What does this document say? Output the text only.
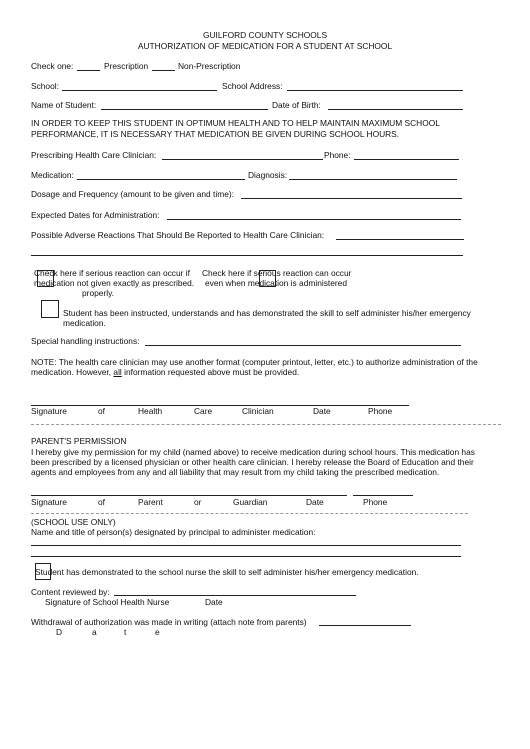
GUILFORD COUNTY SCHOOLS
AUTHORIZATION OF MEDICATION FOR A STUDENT AT SCHOOL
Check one:	Prescription	Non-Prescription
School:	School Address:
Name of Student:	Date of Birth:
IN ORDER TO KEEP THIS STUDENT IN OPTIMUM HEALTH AND TO HELP MAINTAIN MAXIMUM SCHOOL PERFORMANCE, IT IS NECESSARY THAT MEDICATION BE GIVEN DURING SCHOOL HOURS.
Prescribing Health Care Clinician:	Phone:
Medication:	Diagnosis:
Dosage and Frequency (amount to be given and time):
Expected Dates for Administration:
Possible Adverse Reactions That Should Be Reported to Health Care Clinician:
Check here if serious reaction can occur if
medication not given exactly as prescribed.
Check here if serious reaction can occur
even when medication is administered
properly.
Student has been instructed, understands and has demonstrated the skill to self administer his/her emergency
medication.
Special handling instructions:
NOTE: The health care clinician may use another format (computer printout, letter, etc.) to authorize administration of the
medication. However, all information requested above must be provided.
Signature	of	Health	Care	Clinician	Date	Phone
PARENT'S PERMISSION
I hereby give my permission for my child (named above) to receive medication during school hours. This medication has
been prescribed by a licensed physician or other health care clinician. I hereby release the Board of Education and their
agents and employees from any and all liability that may result from my child taking the prescribed medication.
Signature	of	Parent	or	Guardian	Date	Phone
(SCHOOL USE ONLY)
Name and title of person(s) designated by principal to administer medication:
Student has demonstrated to the school nurse the skill to self administer his/her emergency medication.
Content reviewed by:
Signature of School Health Nurse	Date
Withdrawal of authorization was made in writing (attach note from parents)
D	a	t	e
